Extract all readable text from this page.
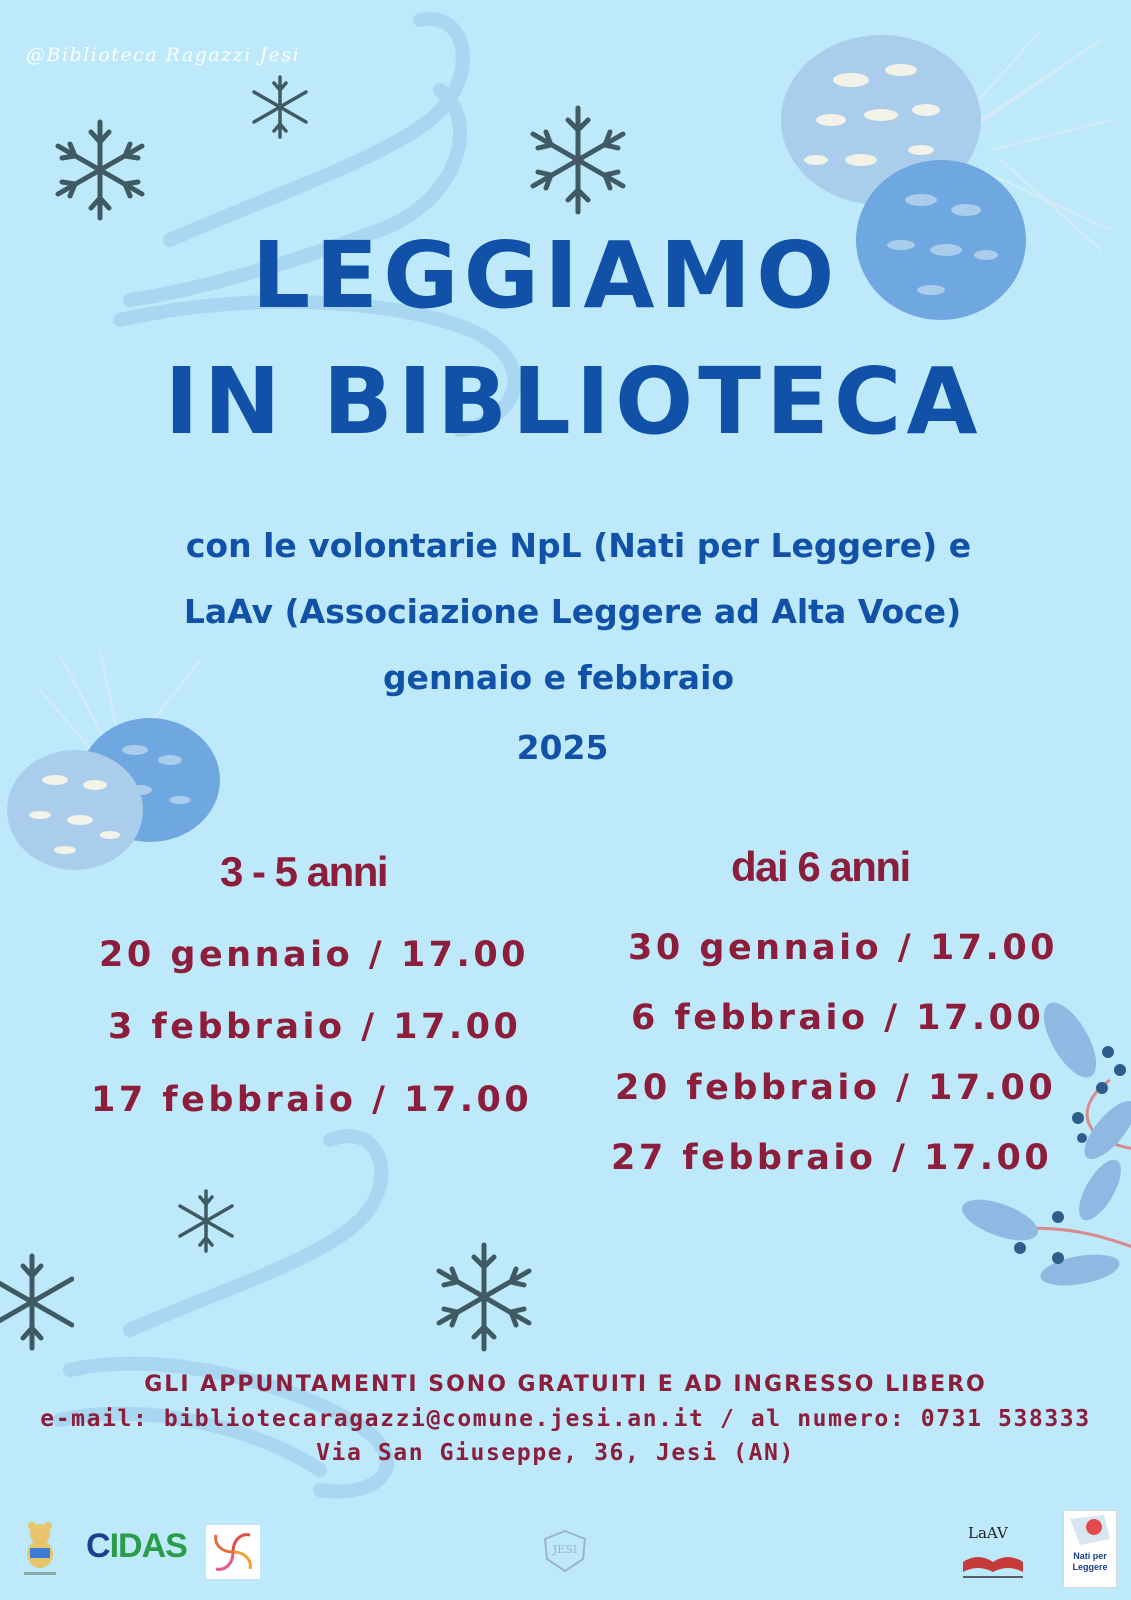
@Biblioteca Ragazzi Jesi
LEGGIAMO
IN BIBLIOTECA
con le volontarie NpL (Nati per Leggere) e
LaAv (Associazione Leggere ad Alta Voce)
gennaio e febbraio
2025
3 - 5 anni	dai 6 anni
20 gennaio / 17.00
3 febbraio / 17.00
17 febbraio / 17.00
30 gennaio / 17.00
6 febbraio / 17.00
20 febbraio / 17.00
27 febbraio / 17.00
GLI APPUNTAMENTI SONO GRATUITI E AD INGRESSO LIBERO
e-mail: bibliotecaragazzi@comune.jesi.an.it / al numero: 0731 538333
Via San Giuseppe, 36, Jesi (AN)
CIDAS	JESI
LaAV
Nati per
Leggere
